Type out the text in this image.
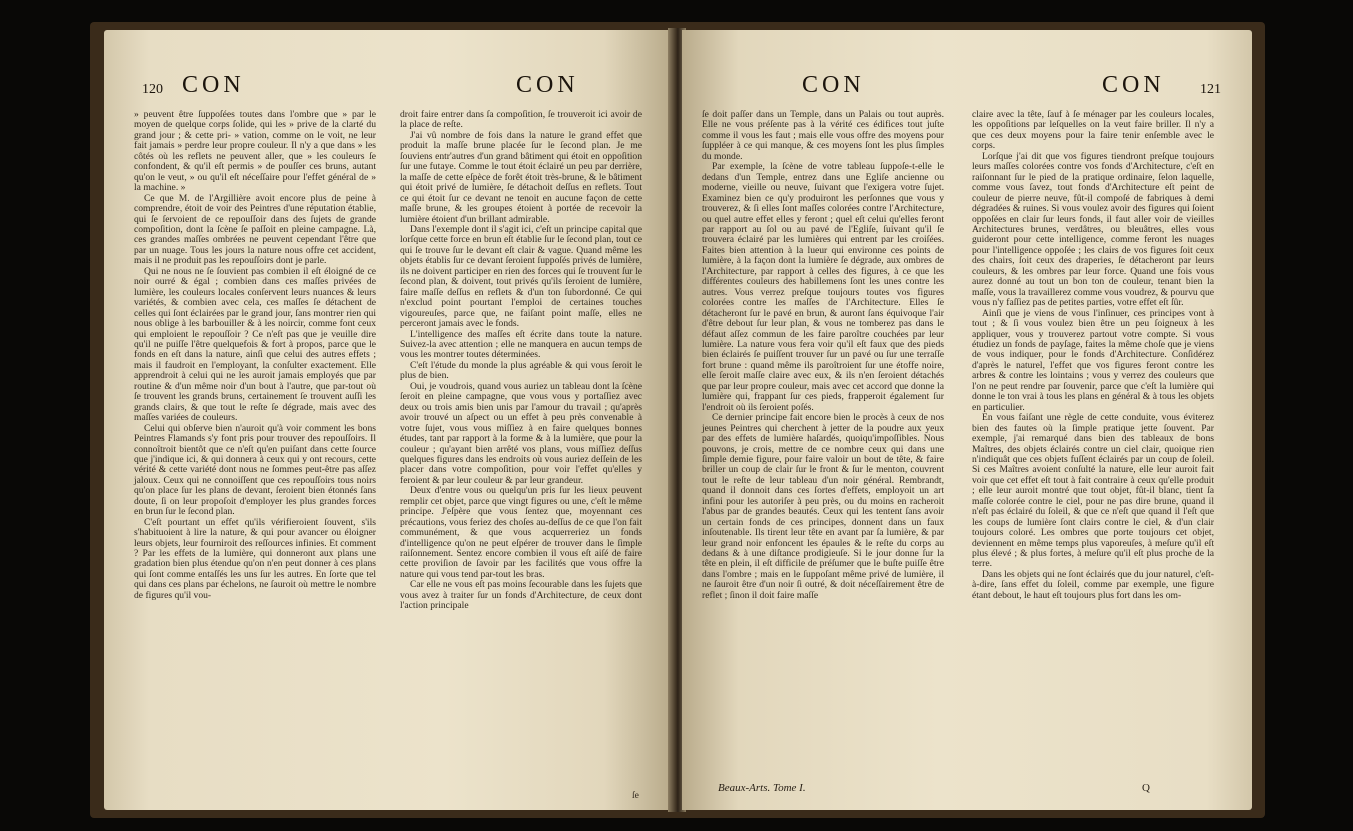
120 CON	CON

» peuvent être ſuppoſées toutes dans l'ombre que » par le moyen de quelque corps ſolide, qui les » prive de la clarté du grand jour ; & cette pri- » vation, comme on le voit, ne leur fait jamais » perdre leur propre couleur. Il n'y a que dans » les côtés où les reflets ne peuvent aller, que » les couleurs ſe confondent, & qu'il eſt permis » de pouſſer ces bruns, autant qu'on le veut, » ou qu'il eſt néceſſaire pour l'effet général de » la machine. »

Ce que M. de l'Argillière avoit encore plus de peine à comprendre, étoit de voir des Peintres d'une réputation établie, qui ſe ſervoient de ce repouſſoir dans des ſujets de grande compoſition, dont la ſcène ſe paſſoit en pleine campagne. Là, ces grandes maſſes ombrées ne peuvent cependant l'être que par un nuage. Tous les jours la nature nous offre cet accident, mais il ne produit pas les repouſſoirs dont je parle.

Qui ne nous ne ſe ſouvient pas combien il eſt éloigné de ce noir ourré & égal ; combien dans ces maſſes privées de lumière, les couleurs locales conſervent leurs nuances & leurs variétés, & combien avec cela, ces maſſes ſe détachent de celles qui ſont éclairées par le grand jour, ſans montrer rien qui nous oblige à les barbouiller & à les noircir, comme font ceux qui emploient le repouſſoir ? Ce n'eſt pas que je veuille dire qu'il ne puiſſe l'être quelquefois & fort à propos, parce que le fonds en eſt dans la nature, ainſi que celui des autres effets ; mais il faudroit en l'employant, la conſulter exactement. Elle apprendroit à celui qui ne les auroit jamais employés que par routine & d'un même noir d'un bout à l'autre, que par-tout où ſe trouvent les grands bruns, certainement ſe trouvent auſſi les grands clairs, & que tout le reſte ſe dégrade, mais avec des maſſes variées de couleurs.

Celui qui obſerve bien n'auroit qu'à voir comment les bons Peintres Flamands s'y font pris pour trouver des repouſſoirs. Il connoîtroit bientôt que ce n'eſt qu'en puiſant dans cette ſource que j'indique ici, & qui donnera à ceux qui y ont recours, cette vérité & cette variété dont nous ne ſommes peut-être pas aſſez jaloux. Ceux qui ne connoiſſent que ces repouſſoirs tous noirs qu'on place ſur les plans de devant, ſeroient bien étonnés ſans doute, ſi on leur propoſoit d'employer les plus grandes forces en brun ſur le ſecond plan.

C'eſt pourtant un effet qu'ils vérifieroient ſouvent, s'ils s'habituoient à lire la nature, & qui pour avancer ou éloigner leurs objets, leur fourniroit des reſſources infinies. Et comment ? Par les effets de la lumière, qui donneront aux plans une gradation bien plus étendue qu'on n'en peut donner à ces plans qui ſont comme entaſſés les uns ſur les autres. En ſorte que tel qui dans ces plans par échelons, ne ſauroit où mettre le nombre de figures qu'il vou-

droit faire entrer dans ſa compoſition, ſe trouveroit ici avoir de la place de reſte.

J'ai vû nombre de fois dans la nature le grand effet que produit la maſſe brune placée ſur le ſecond plan. Je me ſouviens entr'autres d'un grand bâtiment qui étoit en oppoſition ſur une futaye. Comme le tout étoit éclairé un peu par derrière, la maſſe de cette eſpèce de forêt étoit très-brune, & le bâtiment qui étoit privé de lumière, ſe détachoit deſſus en reflets. Tout ce qui étoit ſur ce devant ne tenoit en aucune façon de cette maſſe brune, & les groupes étoient à portée de recevoir la lumière étoient d'un brillant admirable.

Dans l'exemple dont il s'agit ici, c'eſt un principe capital que lorſque cette force en brun eſt établie ſur le ſecond plan, tout ce qui ſe trouve ſur le devant eſt clair & vague. Quand même les objets établis ſur ce devant ſeroient ſuppoſés privés de lumière, ils ne doivent participer en rien des forces qui ſe trouvent ſur le ſecond plan, & doivent, tout privés qu'ils ſeroient de lumière, faire maſſe deſſus en reflets & d'un ton ſubordonné. Ce qui n'exclud point pourtant l'emploi de certaines touches vigoureuſes, parce que, ne faiſant point maſſe, elles ne perceront jamais avec le fonds.

L'intelligence des maſſes eſt écrite dans toute la nature. Suivez-la avec attention ; elle ne manquera en aucun temps de vous les montrer toutes déterminées.

C'eſt l'étude du monde la plus agréable & qui vous ſeroit le plus de bien.

Oui, je voudrois, quand vous auriez un tableau dont la ſcène ſeroit en pleine campagne, que vous vous y portaſſiez avec deux ou trois amis bien unis par l'amour du travail ; qu'après avoir trouvé un aſpect ou un effet à peu près convenable à votre ſujet, vous vous miſſiez à en faire quelques bonnes études, tant par rapport à la forme & à la lumière, que pour la couleur ; qu'ayant bien arrêté vos plans, vous miſſiez deſſus quelques figures dans les endroits où vous auriez deſſein de les placer dans votre compoſition, pour voir l'effet qu'elles y feroient & par leur couleur & par leur grandeur.

Deux d'entre vous ou quelqu'un pris ſur les lieux peuvent remplir cet objet, parce que vingt figures ou une, c'eſt le même principe. J'eſpère que vous ſentez que, moyennant ces précautions, vous feriez des choſes au-deſſus de ce que l'on fait communément, & que vous acquerreriez un fonds d'intelligence qu'on ne peut eſpérer de trouver dans le ſimple raiſonnement. Sentez encore combien il vous eſt aiſé de faire cette proviſion de ſavoir par les facilités que vous offre la nature qui vous tend par-tout les bras.

Car elle ne vous eſt pas moins ſecourable dans les ſujets que vous avez à traiter ſur un fonds d'Architecture, de ceux dont l'action principale

ſe
CON	CON	121

ſe doit paſſer dans un Temple, dans un Palais ou tout auprès. Elle ne vous préſente pas à la vérité ces édifices tout juſte comme il vous les faut ; mais elle vous offre des moyens pour ſuppléer à ce qui manque, & ces moyens ſont les plus ſimples du monde.

Par exemple, la ſcène de votre tableau ſuppoſe-t-elle le dedans d'un Temple, entrez dans une Egliſe ancienne ou moderne, vieille ou neuve, ſuivant que l'exigera votre ſujet. Examinez bien ce qu'y produiront les perſonnes que vous y trouverez, & ſi elles ſont maſſes colorées contre l'Architecture, ou quel autre effet elles y feront ; quel eſt celui qu'elles feront par rapport au ſol ou au pavé de l'Egliſe, ſuivant qu'il ſe trouvera éclairé par les lumières qui entrent par les croiſées. Faites bien attention à la lueur qui environne ces points de lumière, à la façon dont la lumière ſe dégrade, aux ombres de l'Architecture, par rapport à celles des figures, à ce que les différentes couleurs des habillemens ſont les unes contre les autres. Vous verrez preſque toujours toutes vos figures colorées contre les maſſes de l'Architecture. Elles ſe détacheront ſur le pavé en brun, & auront ſans équivoque l'air d'être debout ſur leur plan, & vous ne tomberez pas dans le défaut aſſez commun de les faire paroître couchées par leur lumière. La nature vous fera voir qu'il eſt faux que des pieds bien éclairés ſe puiſſent trouver ſur un pavé ou ſur une terraſſe fort brune : quand même ils paroîtroient ſur une étoffe noire, elle ſeroit maſſe claire avec eux, & ils n'en ſeroient détachés que par leur propre couleur, mais avec cet accord que donne la lumière qui, frappant ſur ces pieds, frapperoit également ſur l'endroit où ils ſeroient poſés.

Ce dernier principe fait encore bien le procès à ceux de nos jeunes Peintres qui cherchent à jetter de la poudre aux yeux par des effets de lumière haſardés, quoiqu'impoſſibles. Nous pouvons, je crois, mettre de ce nombre ceux qui dans une ſimple demie figure, pour faire valoir un bout de tête, & faire briller un coup de clair ſur le front & ſur le menton, couvrent tout le reſte de leur tableau d'un noir général. Rembrandt, quand il donnoit dans ces ſortes d'effets, employoit un art infini pour les autoriſer à peu près, ou du moins en racheroit l'abus par de grandes beautés. Ceux qui les tentent ſans avoir un certain fonds de ces principes, donnent dans un faux inſoutenable. Ils tirent leur tête en avant par ſa lumière, & par leur grand noir enfoncent les épaules & le reſte du corps au dedans & à une diſtance prodigieuſe. Si le jour donne ſur la tête en plein, il eſt difficile de préſumer que le buſte puiſſe être dans l'ombre ; mais en le ſuppoſant même privé de lumière, il ne ſauroit être d'un noir ſi outré, & doit néceſſairement être de reflet ; ſinon il doit faire maſſe

claire avec la tête, ſauf à ſe ménager par les couleurs locales, les oppoſitions par leſquelles on la veut faire briller. Il n'y a que ces deux moyens pour la faire tenir enſemble avec le corps.

Lorſque j'ai dit que vos figures tiendront preſque toujours leurs maſſes colorées contre vos fonds d'Architecture, c'eſt en raiſonnant ſur le pied de la pratique ordinaire, ſelon laquelle, comme vous ſavez, tout fonds d'Architecture eſt peint de couleur de pierre neuve, fût-il compoſé de fabriques à demi dégradées & ruines. Si vous voulez avoir des figures qui ſoient oppoſées en clair ſur leurs fonds, il faut aller voir de vieilles Architectures brunes, verdâtres, ou bleuâtres, elles vous guideront pour cette intelligence, comme feront les nuages pour l'intelligence oppoſée ; les clairs de vos figures ſoit ceux des chairs, ſoit ceux des draperies, ſe détacheront par leurs couleurs, & les ombres par leur force. Quand une fois vous aurez donné au tout un bon ton de couleur, tenant bien la maſſe, vous la travaillerez comme vous voudrez, & pourvu que vous n'y faſſiez pas de petites parties, votre effet eſt ſûr.

Ainſi que je viens de vous l'inſinuer, ces principes vont à tout ; & ſi vous voulez bien être un peu ſoigneux à les appliquer, vous y trouverez partout votre compte. Si vous étudiez un fonds de payſage, faites la même choſe que je viens de vous indiquer, pour le fonds d'Architecture. Conſidérez d'après le naturel, l'effet que vos figures feront contre les arbres & contre les lointains ; vous y verrez des couleurs que l'on ne peut rendre par ſouvenir, parce que c'eſt la lumière qui donne le ton vrai à tous les plans en général & à tous les objets en particulier.

En vous faiſant une règle de cette conduite, vous éviterez bien des fautes où la ſimple pratique jette ſouvent. Par exemple, j'ai remarqué dans bien des tableaux de bons Maîtres, des objets éclairés contre un ciel clair, quoique rien n'indiquât que ces objets fuſſent éclairés par un coup de ſoleil. Si ces Maîtres avoient conſulté la nature, elle leur auroit fait voir que cet effet eſt tout à fait contraire à ceux qu'elle produit ; elle leur auroit montré que tout objet, fût-il blanc, tient ſa maſſe colorée contre le ciel, pour ne pas dire brune, quand il n'eſt pas éclairé du ſoleil, & que ce n'eſt que quand il l'eſt que les coups de lumière ſont clairs contre le ciel, & d'un clair toujours coloré. Les ombres que porte toujours cet objet, deviennent en même temps plus vaporeuſes, à meſure qu'il eſt plus élevé ; & plus fortes, à meſure qu'il eſt plus proche de la terre.

Dans les objets qui ne ſont éclairés que du jour naturel, c'eſt-à-dire, ſans effet du ſoleil, comme par exemple, une figure étant debout, le haut eſt toujours plus fort dans les om-

Beaux-Arts. Tome I.	Q
